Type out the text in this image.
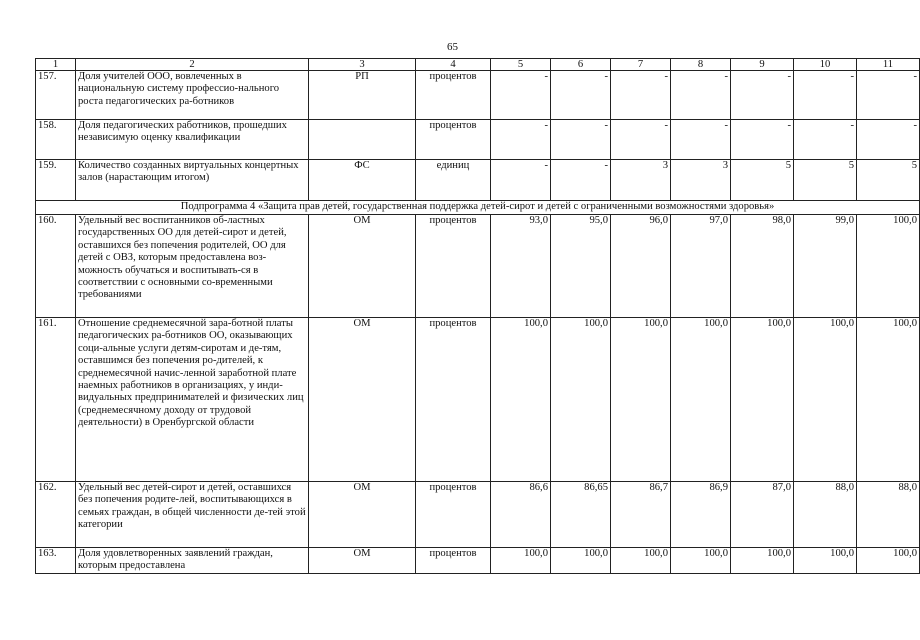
65
1	2	3	4	5	6	7	8	9	10	11
157.	Доля учителей ООО, вовлеченных в национальную систему профессио-нального роста педагогических ра-ботников	РП	процентов	-	-	-	-	-	-	-
158.	Доля педагогических работников, прошедших независимую оценку квалификации		процентов	-	-	-	-	-	-	-
159.	Количество созданных виртуальных концертных залов (нарастающим итогом)	ФС	единиц	-	-	3	3	5	5	5
Подпрограмма 4 «Защита прав детей, государственная поддержка детей-сирот и детей с ограниченными возможностями здоровья»										
160.	Удельный вес воспитанников об-ластных государственных ОО для детей-сирот и детей, оставшихся без попечения родителей, ОО для детей с ОВЗ, которым предоставлена воз-можность обучаться и воспитывать-ся в соответствии с основными со-временными требованиями	ОМ	процентов	93,0	95,0	96,0	97,0	98,0	99,0	100,0
161.	Отношение среднемесячной зара-ботной платы педагогических ра-ботников ОО, оказывающих соци-альные услуги детям-сиротам и де-тям, оставшимся без попечения ро-дителей, к среднемесячной начис-ленной заработной плате наемных работников в организациях, у инди-видуальных предпринимателей и физических лиц (среднемесячному доходу от трудовой деятельности) в Оренбургской области	ОМ	процентов	100,0	100,0	100,0	100,0	100,0	100,0	100,0
162.	Удельный вес детей-сирот и детей, оставшихся без попечения родите-лей, воспитывающихся в семьях граждан, в общей численности де-тей этой категории	ОМ	процентов	86,6	86,65	86,7	86,9	87,0	88,0	88,0
163.	Доля удовлетворенных заявлений граждан, которым предоставлена	ОМ	процентов	100,0	100,0	100,0	100,0	100,0	100,0	100,0
